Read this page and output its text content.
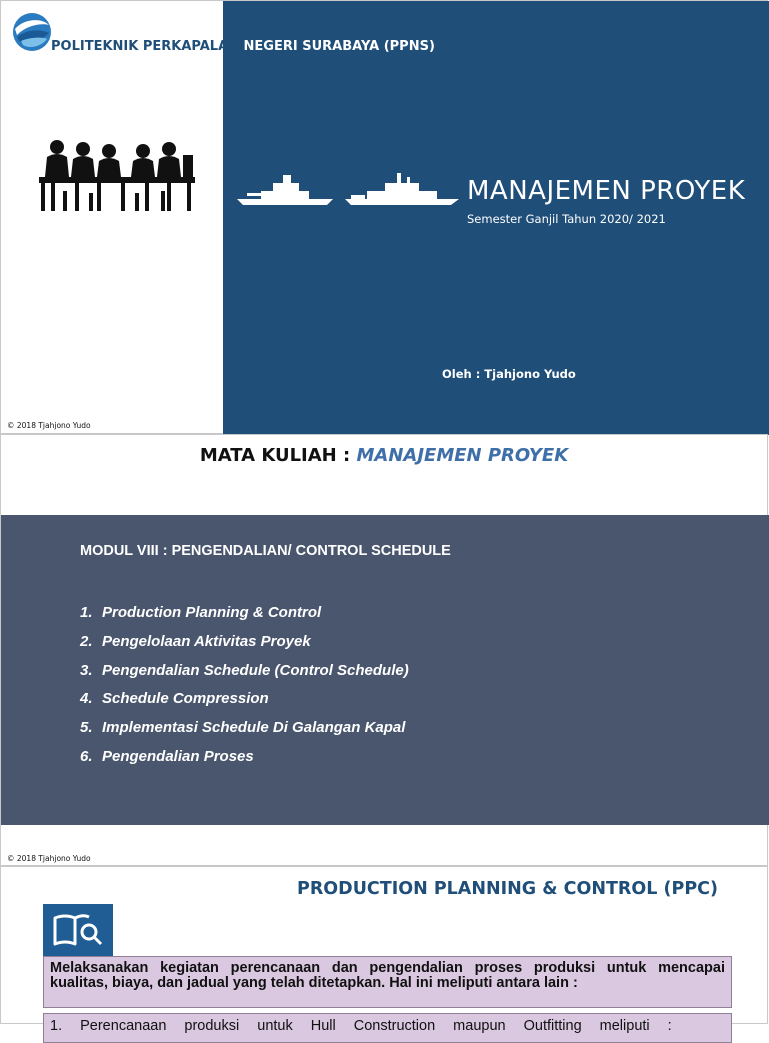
POLITEKNIK PERKAPALAN NEGERI SURABAYA (PPNS)
MANAJEMEN PROYEK
Semester Ganjil Tahun 2020/ 2021
Oleh : Tjahjono Yudo
© 2018 Tjahjono Yudo
MATA KULIAH : MANAJEMEN PROYEK
MODUL VIII : PENGENDALIAN/ CONTROL SCHEDULE
1. Production Planning & Control
2. Pengelolaan Aktivitas Proyek
3. Pengendalian Schedule (Control Schedule)
4. Schedule Compression
5. Implementasi Schedule Di Galangan Kapal
6. Pengendalian Proses
© 2018 Tjahjono Yudo
PRODUCTION PLANNING & CONTROL (PPC)
Melaksanakan kegiatan perencanaan dan pengendalian proses produksi untuk mencapai kualitas, biaya, dan jadual yang telah ditetapkan. Hal ini meliputi antara lain :
1. Perencanaan produksi untuk Hull Construction maupun Outfitting meliputi :
